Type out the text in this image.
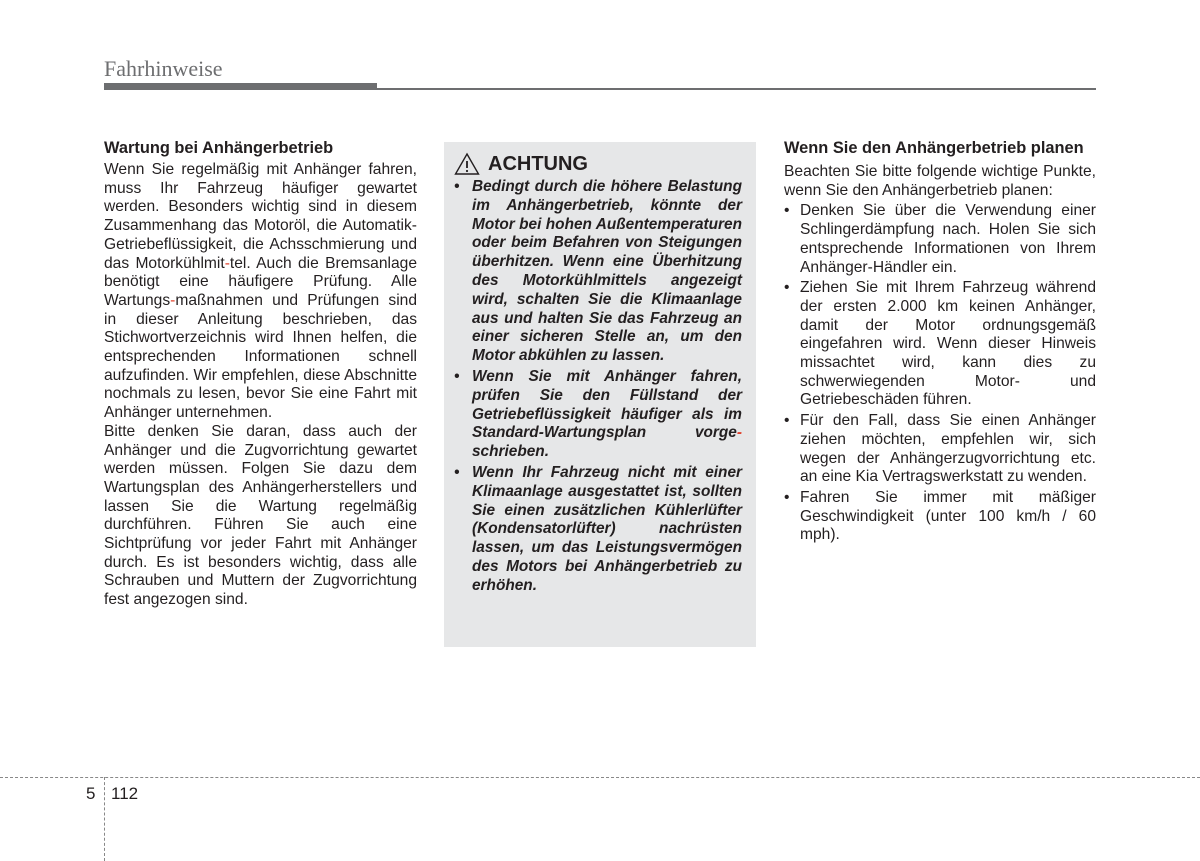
Fahrhinweise
Wartung bei Anhängerbetrieb

Wenn Sie regelmäßig mit Anhänger fahren, muss Ihr Fahrzeug häufiger gewartet werden. Besonders wichtig sind in diesem Zusammenhang das Motoröl, die Automatik-Getriebeflüssigkeit, die Achsschmierung und das Motorkühlmit-tel. Auch die Bremsanlage benötigt eine häufigere Prüfung. Alle Wartungs-maßnahmen und Prüfungen sind in dieser Anleitung beschrieben, das Stichwortverzeichnis wird Ihnen helfen, die entsprechenden Informationen schnell aufzufinden. Wir empfehlen, diese Abschnitte nochmals zu lesen, bevor Sie eine Fahrt mit Anhänger unternehmen.

Bitte denken Sie daran, dass auch der Anhänger und die Zugvorrichtung gewartet werden müssen. Folgen Sie dazu dem Wartungsplan des Anhängerherstellers und lassen Sie die Wartung regelmäßig durchführen. Führen Sie auch eine Sichtprüfung vor jeder Fahrt mit Anhänger durch. Es ist besonders wichtig, dass alle Schrauben und Muttern der Zugvorrichtung fest angezogen sind.

ACHTUNG
• Bedingt durch die höhere Belastung im Anhängerbetrieb, könnte der Motor bei hohen Außentemperaturen oder beim Befahren von Steigungen überhitzen. Wenn eine Überhitzung des Motorkühlmittels angezeigt wird, schalten Sie die Klimaanlage aus und halten Sie das Fahrzeug an einer sicheren Stelle an, um den Motor abkühlen zu lassen.
• Wenn Sie mit Anhänger fahren, prüfen Sie den Füllstand der Getriebeflüssigkeit häufiger als im Standard-Wartungsplan vorge-schrieben.
• Wenn Ihr Fahrzeug nicht mit einer Klimaanlage ausgestattet ist, sollten Sie einen zusätzlichen Kühlerlüfter (Kondensatorlüfter) nachrüsten lassen, um das Leistungsvermögen des Motors bei Anhängerbetrieb zu erhöhen.
Wenn Sie den Anhängerbetrieb planen

Beachten Sie bitte folgende wichtige Punkte, wenn Sie den Anhängerbetrieb planen:

• Denken Sie über die Verwendung einer Schlingerdämpfung nach. Holen Sie sich entsprechende Informationen von Ihrem Anhänger-Händler ein.
• Ziehen Sie mit Ihrem Fahrzeug während der ersten 2.000 km keinen Anhänger, damit der Motor ordnungsgemäß eingefahren wird. Wenn dieser Hinweis missachtet wird, kann dies zu schwerwiegenden Motor- und Getriebeschäden führen.
• Für den Fall, dass Sie einen Anhänger ziehen möchten, empfehlen wir, sich wegen der Anhängerzugvorrichtung etc. an eine Kia Vertragswerkstatt zu wenden.
• Fahren Sie immer mit mäßiger Geschwindigkeit (unter 100 km/h / 60 mph).
5 112
